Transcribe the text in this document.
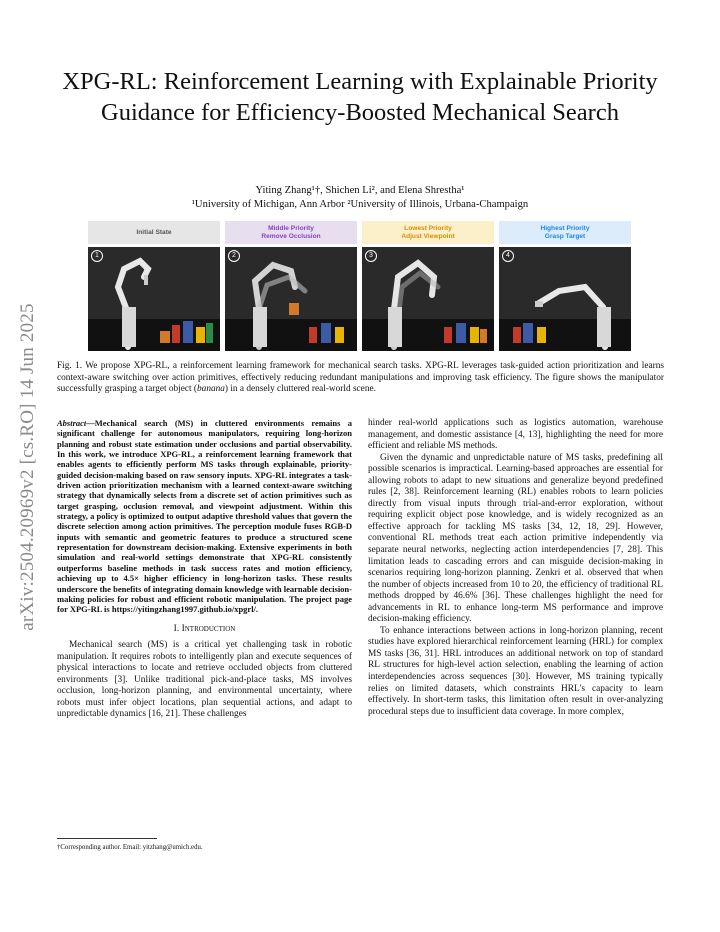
arXiv:2504.20969v2 [cs.RO] 14 Jun 2025
XPG-RL: Reinforcement Learning with Explainable Priority Guidance for Efficiency-Boosted Mechanical Search
Yiting Zhang¹†, Shichen Li², and Elena Shrestha¹
¹University of Michigan, Ann Arbor ²University of Illinois, Urbana-Champaign
Initial State
1
Middle Priority
Remove Occlusion
2
Lowest Priority
Adjust Viewpoint
3
Highest Priority
Grasp Target
4
Fig. 1. We propose XPG-RL, a reinforcement learning framework for mechanical search tasks. XPG-RL leverages task-guided action prioritization and learns context-aware switching over action primitives, effectively reducing redundant manipulations and improving task efficiency. The figure shows the manipulator successfully grasping a target object (banana) in a densely cluttered real-world scene.
Abstract—Mechanical search (MS) in cluttered environments remains a significant challenge for autonomous manipulators, requiring long-horizon planning and robust state estimation under occlusions and partial observability. In this work, we introduce XPG-RL, a reinforcement learning framework that enables agents to efficiently perform MS tasks through explainable, priority-guided decision-making based on raw sensory inputs. XPG-RL integrates a task-driven action prioritization mechanism with a learned context-aware switching strategy that dynamically selects from a discrete set of action primitives such as target grasping, occlusion removal, and viewpoint adjustment. Within this strategy, a policy is optimized to output adaptive threshold values that govern the discrete selection among action primitives. The perception module fuses RGB-D inputs with semantic and geometric features to produce a structured scene representation for downstream decision-making. Extensive experiments in both simulation and real-world settings demonstrate that XPG-RL consistently outperforms baseline methods in task success rates and motion efficiency, achieving up to 4.5× higher efficiency in long-horizon tasks. These results underscore the benefits of integrating domain knowledge with learnable decision-making policies for robust and efficient robotic manipulation. The project page for XPG-RL is https://yitingzhang1997.github.io/xpgrl/.
I. Introduction

Mechanical search (MS) is a critical yet challenging task in robotic manipulation. It requires robots to intelligently plan and execute sequences of physical interactions to locate and retrieve occluded objects from cluttered environments [3]. Unlike traditional pick-and-place tasks, MS involves occlusion, long-horizon planning, and environmental uncertainty, where robots must infer object locations, plan sequential actions, and adapt to unpredictable dynamics [16, 21]. These challenges

hinder real-world applications such as logistics automation, warehouse management, and domestic assistance [4, 13], highlighting the need for more efficient and reliable MS methods.

Given the dynamic and unpredictable nature of MS tasks, predefining all possible scenarios is impractical. Learning-based approaches are essential for allowing robots to adapt to new situations and generalize beyond predefined rules [2, 38]. Reinforcement learning (RL) enables robots to learn policies directly from visual inputs through trial-and-error exploration, without requiring explicit object pose knowledge, and is widely recognized as an effective approach for tackling MS tasks [34, 12, 18, 29]. However, conventional RL methods treat each action primitive independently via separate neural networks, neglecting action interdependencies [7, 28]. This limitation leads to cascading errors and can misguide decision-making in scenarios requiring long-horizon planning. Zenkri et al. observed that when the number of objects increased from 10 to 20, the efficiency of traditional RL methods dropped by 46.6% [36]. These challenges highlight the need for advancements in RL to enhance long-term MS performance and improve decision-making efficiency.

To enhance interactions between actions in long-horizon planning, recent studies have explored hierarchical reinforcement learning (HRL) for complex MS tasks [36, 31]. HRL introduces an additional network on top of standard RL structures for high-level action selection, enabling the learning of action interdependencies across sequences [30]. However, MS training typically relies on limited datasets, which constraints HRL's capacity to learn effectively. In short-term tasks, this limitation often result in over-analyzing procedural steps due to insufficient data coverage. In more complex,

†Corresponding author. Email: yitzhang@umich.edu.
